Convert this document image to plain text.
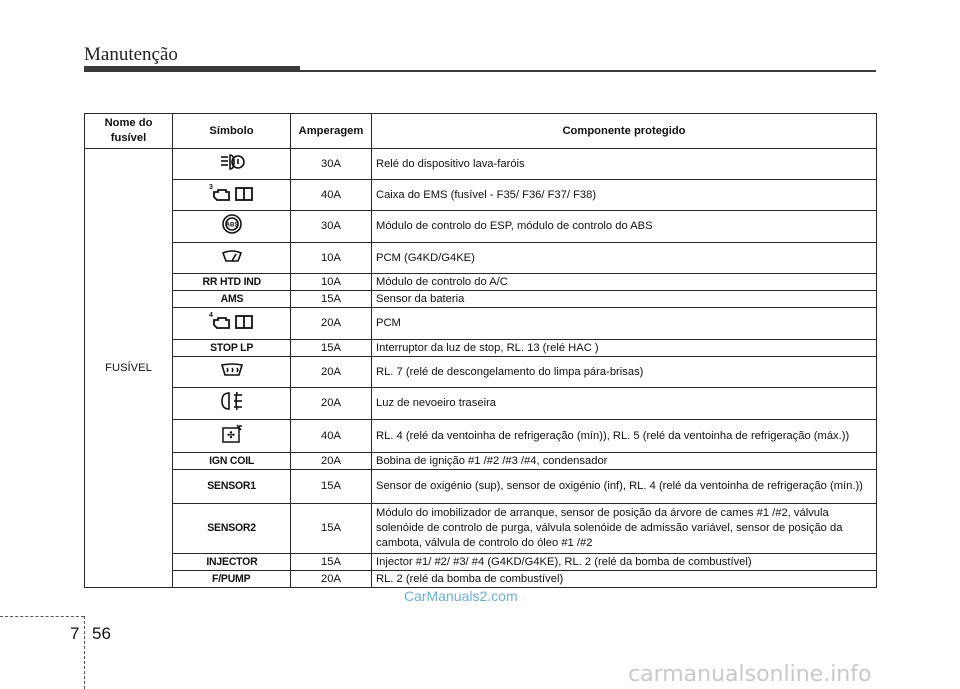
Manutenção
Nome do fusível	Símbolo	Amperagem	Componente protegido
FUSÍVEL		30A	Relé do dispositivo lava-faróis

3	40A	Caixa do EMS (fusível - F35/ F36/ F37/ F38)

ABS	30A	Módulo de controlo do ESP, módulo de controlo do ABS
	10A	PCM (G4KD/G4KE)
	RR HTD IND	10A	Módulo de controlo do A/C
	AMS	15A	Sensor da bateria

4	20A	PCM
	STOP LP	15A	Interruptor da luz de stop, RL. 13 (relé HAC )
	20A	RL. 7 (relé de descongelamento do limpa pára-brisas)
	20A	Luz de nevoeiro traseira

✣	40A	RL. 4 (relé da ventoinha de refrigeração (mín)), RL. 5 (relé da ventoinha de refrigeração (máx.))
	IGN COIL	20A	Bobina de ignição #1 /#2 /#3 /#4, condensador
	SENSOR1	15A	Sensor de oxigénio (sup), sensor de oxigénio (inf), RL. 4 (relé da ventoinha de refrigeração (mín.))
	SENSOR2	15A	Módulo do imobilizador de arranque, sensor de posição da árvore de cames #1 /#2, válvula solenóide de controlo de purga, válvula solenóide de admissão variável, sensor de posição da cambota, válvula de controlo do óleo #1 /#2
	INJECTOR	15A	Injector #1/ #2/ #3/ #4 (G4KD/G4KE), RL. 2 (relé da bomba de combustível)
	F/PUMP	20A	RL. 2 (relé da bomba de combustível)
CarManuals2.com
7 56
carmanualsonline.info
